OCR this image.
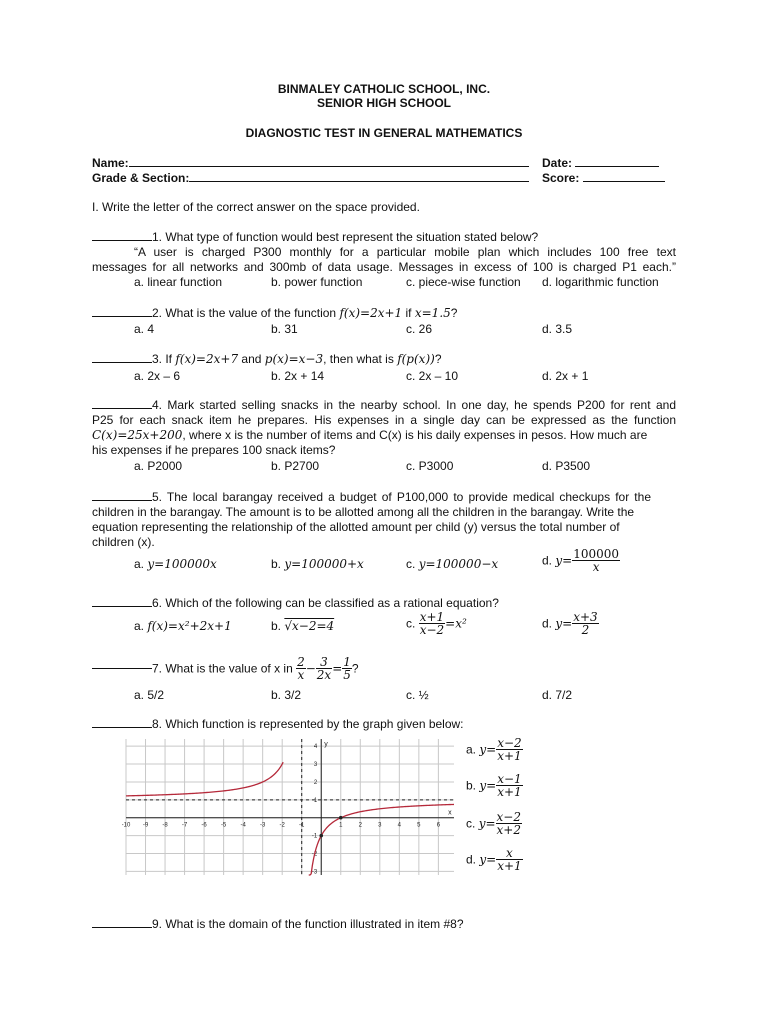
BINMALEY CATHOLIC SCHOOL, INC.
SENIOR HIGH SCHOOL
DIAGNOSTIC TEST IN GENERAL MATHEMATICS
Name:	Date:
Grade & Section:	Score:
I. Write the letter of the correct answer on the space provided.
1. What type of function would best represent the situation stated below?
“A user is charged P300 monthly for a particular mobile plan which includes 100 free text
messages for all networks and 300mb of data usage. Messages in excess of 100 is charged P1 each.”
a. linear function	b. power function	c. piece-wise function d. logarithmic function
2. What is the value of the function f(x)=2x+1 if x=1.5?
a. 4	b. 31	c. 26	d. 3.5
3. If f(x)=2x+7 and p(x)=x−3, then what is f(p(x))?
a. 2x – 6	b. 2x + 14	c. 2x – 10	d. 2x + 1
4. Mark started selling snacks in the nearby school. In one day, he spends P200 for rent and
P25 for each snack item he prepares. His expenses in a single day can be expressed as the function
C(x)=25x+200, where x is the number of items and C(x) is his daily expenses in pesos. How much are
his expenses if he prepares 100 snack items?
a. P2000	b. P2700	c. P3000	d. P3500
5. The local barangay received a budget of P100,000 to provide medical checkups for the
children in the barangay. The amount is to be allotted among all the children in the barangay. Write the
equation representing the relationship of the allotted amount per child (y) versus the total number of
children (x).
a. y=100000x	b. y=100000+x	c. y=100000−x	d. $y= \frac{100000}{x}$
6. Which of the following can be classified as a rational equation?
a. f(x)=x²+2x+1	b. √x−2=4	c. $\frac{x+1}{x-2} =x^2$	d. $y= \frac{x+3}{2}$
7. What is the value of x in $\frac{2}{x} - \frac{3}{2x} = \frac{1}{5}$ ?
a. 5/2	b. 3/2	c. ½	d. 7/2
8. Which function is represented by the graph given below:
-10 -9 -8 -7 -6 -5 -4 -3 -2 -1	1	2	3	4	5	6
4
3
2
1
-1
-2
-3
x
y	a. $y= \frac{x-2}{x+1}$
b. $y= \frac{x-1}{x+1}$
c. $y= \frac{x-2}{x+2}$
d. $y= \frac{x}{x+1}$
9. What is the domain of the function illustrated in item #8?
